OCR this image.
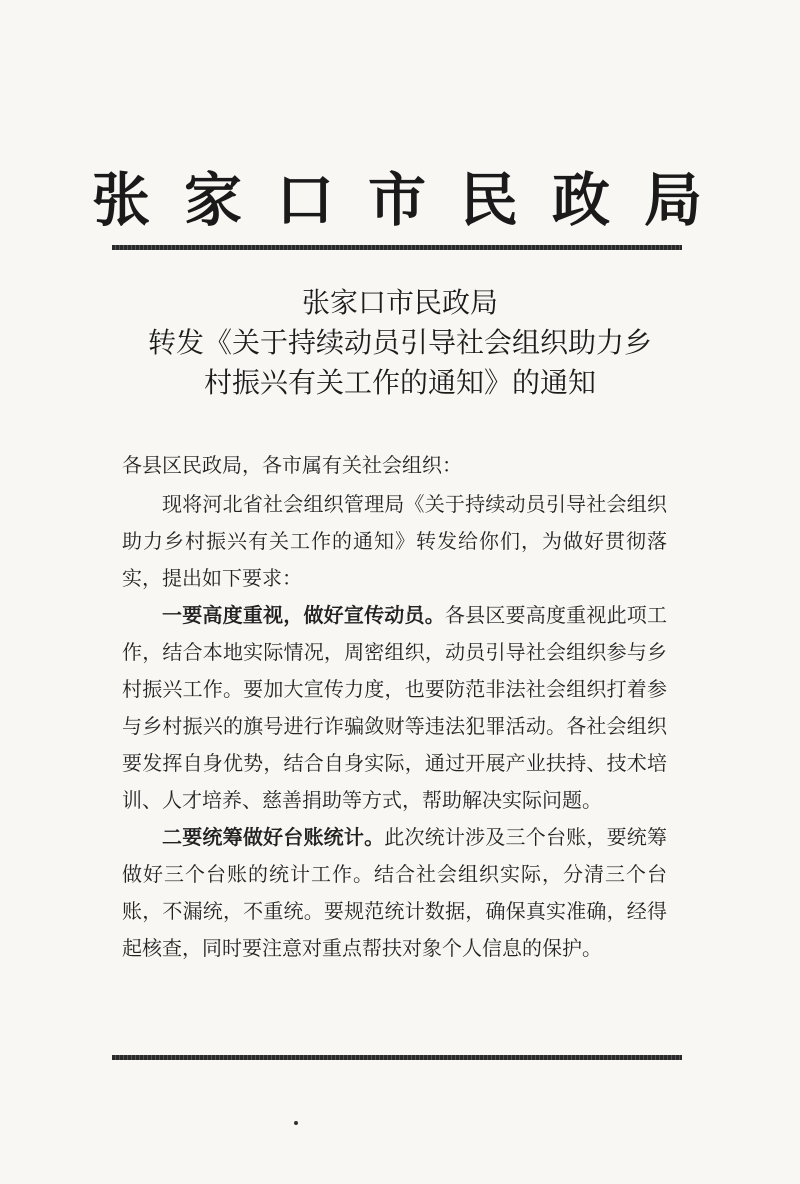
张家口市民政局
张家口市民政局
转发《关于持续动员引导社会组织助力乡
村振兴有关工作的通知》的通知

各县区民政局，各市属有关社会组织：

现将河北省社会组织管理局《关于持续动员引导社会组织助力乡村振兴有关工作的通知》转发给你们，为做好贯彻落实，提出如下要求：

一要高度重视，做好宣传动员。各县区要高度重视此项工作，结合本地实际情况，周密组织，动员引导社会组织参与乡村振兴工作。要加大宣传力度，也要防范非法社会组织打着参与乡村振兴的旗号进行诈骗敛财等违法犯罪活动。各社会组织要发挥自身优势，结合自身实际，通过开展产业扶持、技术培训、人才培养、慈善捐助等方式，帮助解决实际问题。

二要统筹做好台账统计。此次统计涉及三个台账，要统筹做好三个台账的统计工作。结合社会组织实际，分清三个台账，不漏统，不重统。要规范统计数据，确保真实准确，经得起核查，同时要注意对重点帮扶对象个人信息的保护。
